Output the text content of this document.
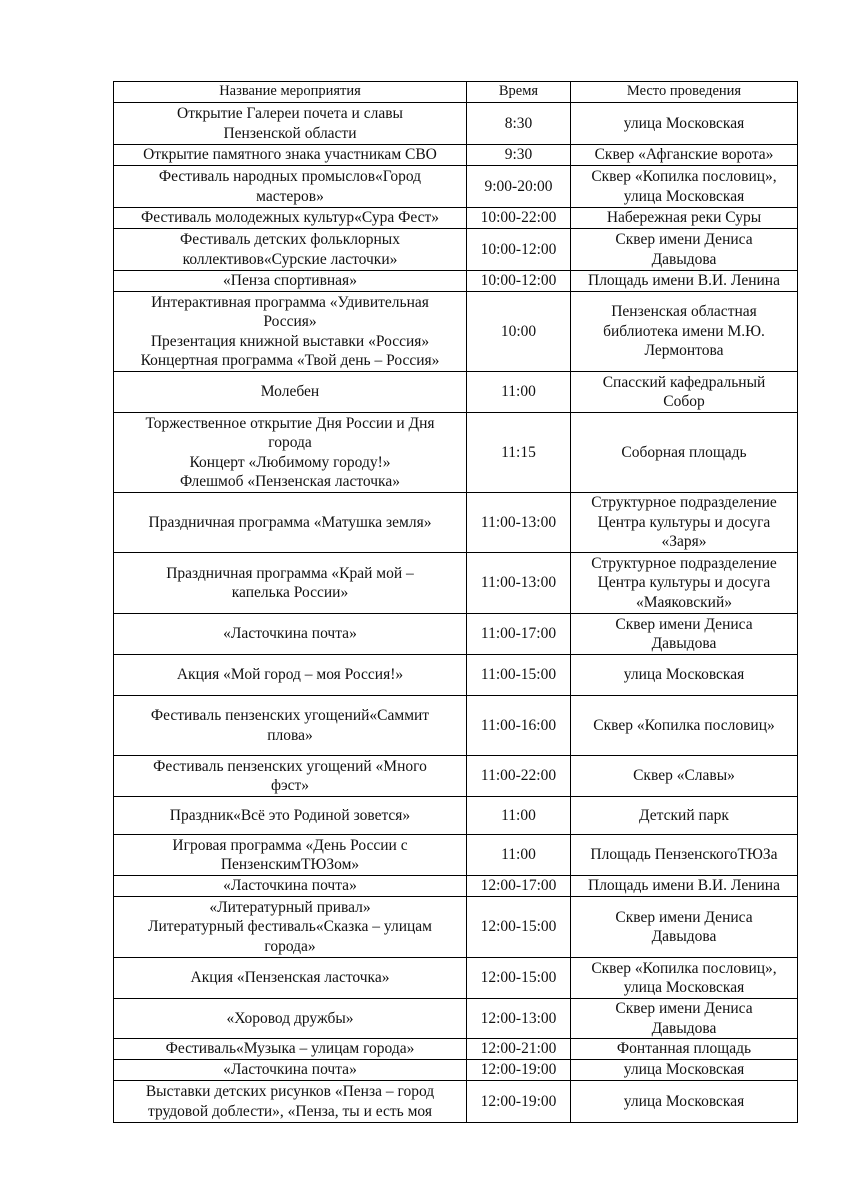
Название мероприятия	Время	Место проведения

Открытие Галереи почета и славы
Пензенской области	8:30	улица Московская

Открытие памятного знака участникам СВО	9:30	Сквер «Афганские ворота»

Фестиваль народных промыслов«Город
мастеров»	9:00-20:00	Сквер «Копилка пословиц»,
улица Московская

Фестиваль молодежных культур«Сура Фест»	10:00-22:00	Набережная реки Суры

Фестиваль детских фольклорных
коллективов«Сурские ласточки»	10:00-12:00	Сквер имени Дениса
Давыдова

«Пенза спортивная»	10:00-12:00	Площадь имени В.И. Ленина

Интерактивная программа «Удивительная
Россия»
Презентация книжной выставки «Россия»
Концертная программа «Твой день – Россия»	10:00	Пензенская областная
библиотека имени М.Ю.
Лермонтова

Молебен	11:00	Спасский кафедральный
Собор

Торжественное открытие Дня России и Дня
города
Концерт «Любимому городу!»
Флешмоб «Пензенская ласточка»	11:15	Соборная площадь

Праздничная программа «Матушка земля»	11:00-13:00	Структурное подразделение
Центра культуры и досуга
«Заря»

Праздничная программа «Край мой –
капелька России»	11:00-13:00	Структурное подразделение
Центра культуры и досуга
«Маяковский»

«Ласточкина почта»	11:00-17:00	Сквер имени Дениса
Давыдова

Акция «Мой город – моя Россия!»	11:00-15:00	улица Московская

Фестиваль пензенских угощений«Саммит
плова»	11:00-16:00	Сквер «Копилка пословиц»

Фестиваль пензенских угощений «Много
фэст»	11:00-22:00	Сквер «Славы»

Праздник«Всё это Родиной зовется»	11:00	Детский парк

Игровая программа «День России с
ПензенскимТЮЗом»	11:00	Площадь ПензенскогоТЮЗа

«Ласточкина почта»	12:00-17:00	Площадь имени В.И. Ленина

«Литературный привал»
Литературный фестиваль«Сказка – улицам
города»	12:00-15:00	Сквер имени Дениса
Давыдова

Акция «Пензенская ласточка»	12:00-15:00	Сквер «Копилка пословиц»,
улица Московская

«Хоровод дружбы»	12:00-13:00	Сквер имени Дениса
Давыдова

Фестиваль«Музыка – улицам города»	12:00-21:00	Фонтанная площадь

«Ласточкина почта»	12:00-19:00	улица Московская

Выставки детских рисунков «Пенза – город
трудовой доблести», «Пенза, ты и есть моя	12:00-19:00	улица Московская
